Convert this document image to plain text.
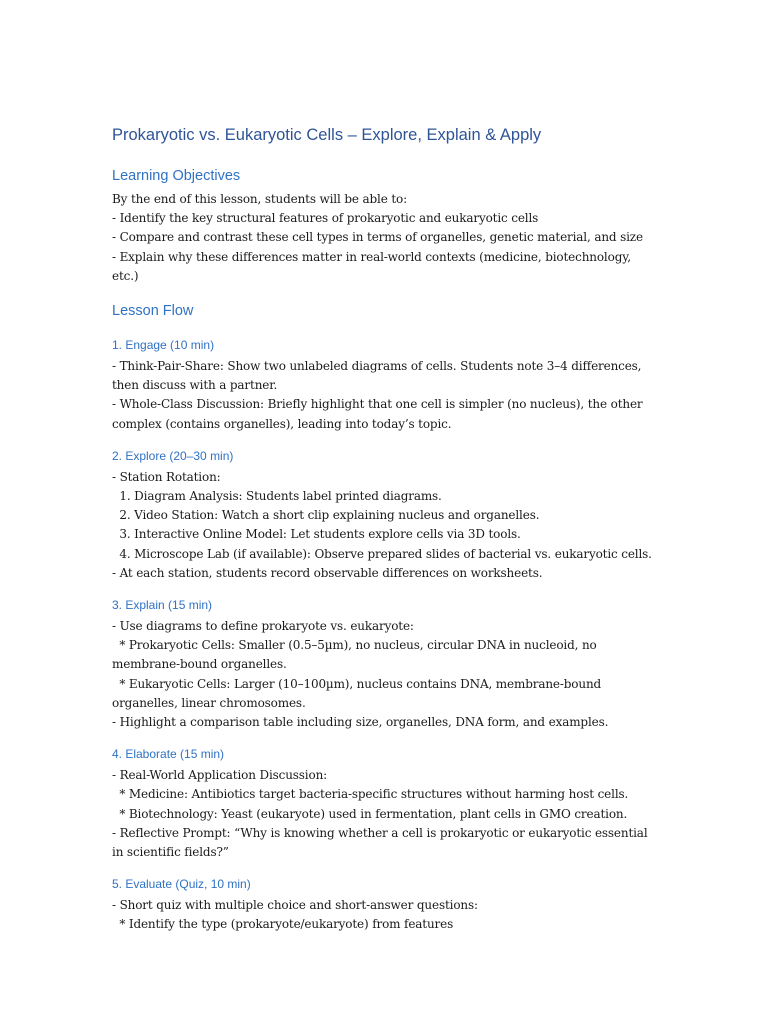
Prokaryotic vs. Eukaryotic Cells – Explore, Explain & Apply
Learning Objectives

By the end of this lesson, students will be able to:

- Identify the key structural features of prokaryotic and eukaryotic cells

- Compare and contrast these cell types in terms of organelles, genetic material, and size

- Explain why these differences matter in real-world contexts (medicine, biotechnology, etc.)

Lesson Flow
1. Engage (10 min)

- Think-Pair-Share: Show two unlabeled diagrams of cells. Students note 3–4 differences, then discuss with a partner.

- Whole-Class Discussion: Briefly highlight that one cell is simpler (no nucleus), the other complex (contains organelles), leading into today’s topic.

2. Explore (20–30 min)

- Station Rotation:

1. Diagram Analysis: Students label printed diagrams.

2. Video Station: Watch a short clip explaining nucleus and organelles.

3. Interactive Online Model: Let students explore cells via 3D tools.

4. Microscope Lab (if available): Observe prepared slides of bacterial vs. eukaryotic cells.

- At each station, students record observable differences on worksheets.

3. Explain (15 min)

- Use diagrams to define prokaryote vs. eukaryote:

* Prokaryotic Cells: Smaller (0.5–5µm), no nucleus, circular DNA in nucleoid, no membrane-bound organelles.

* Eukaryotic Cells: Larger (10–100µm), nucleus contains DNA, membrane-bound organelles, linear chromosomes.

- Highlight a comparison table including size, organelles, DNA form, and examples.

4. Elaborate (15 min)

- Real-World Application Discussion:

* Medicine: Antibiotics target bacteria-specific structures without harming host cells.

* Biotechnology: Yeast (eukaryote) used in fermentation, plant cells in GMO creation.

- Reflective Prompt: “Why is knowing whether a cell is prokaryotic or eukaryotic essential in scientific fields?”

5. Evaluate (Quiz, 10 min)

- Short quiz with multiple choice and short-answer questions:

* Identify the type (prokaryote/eukaryote) from features
